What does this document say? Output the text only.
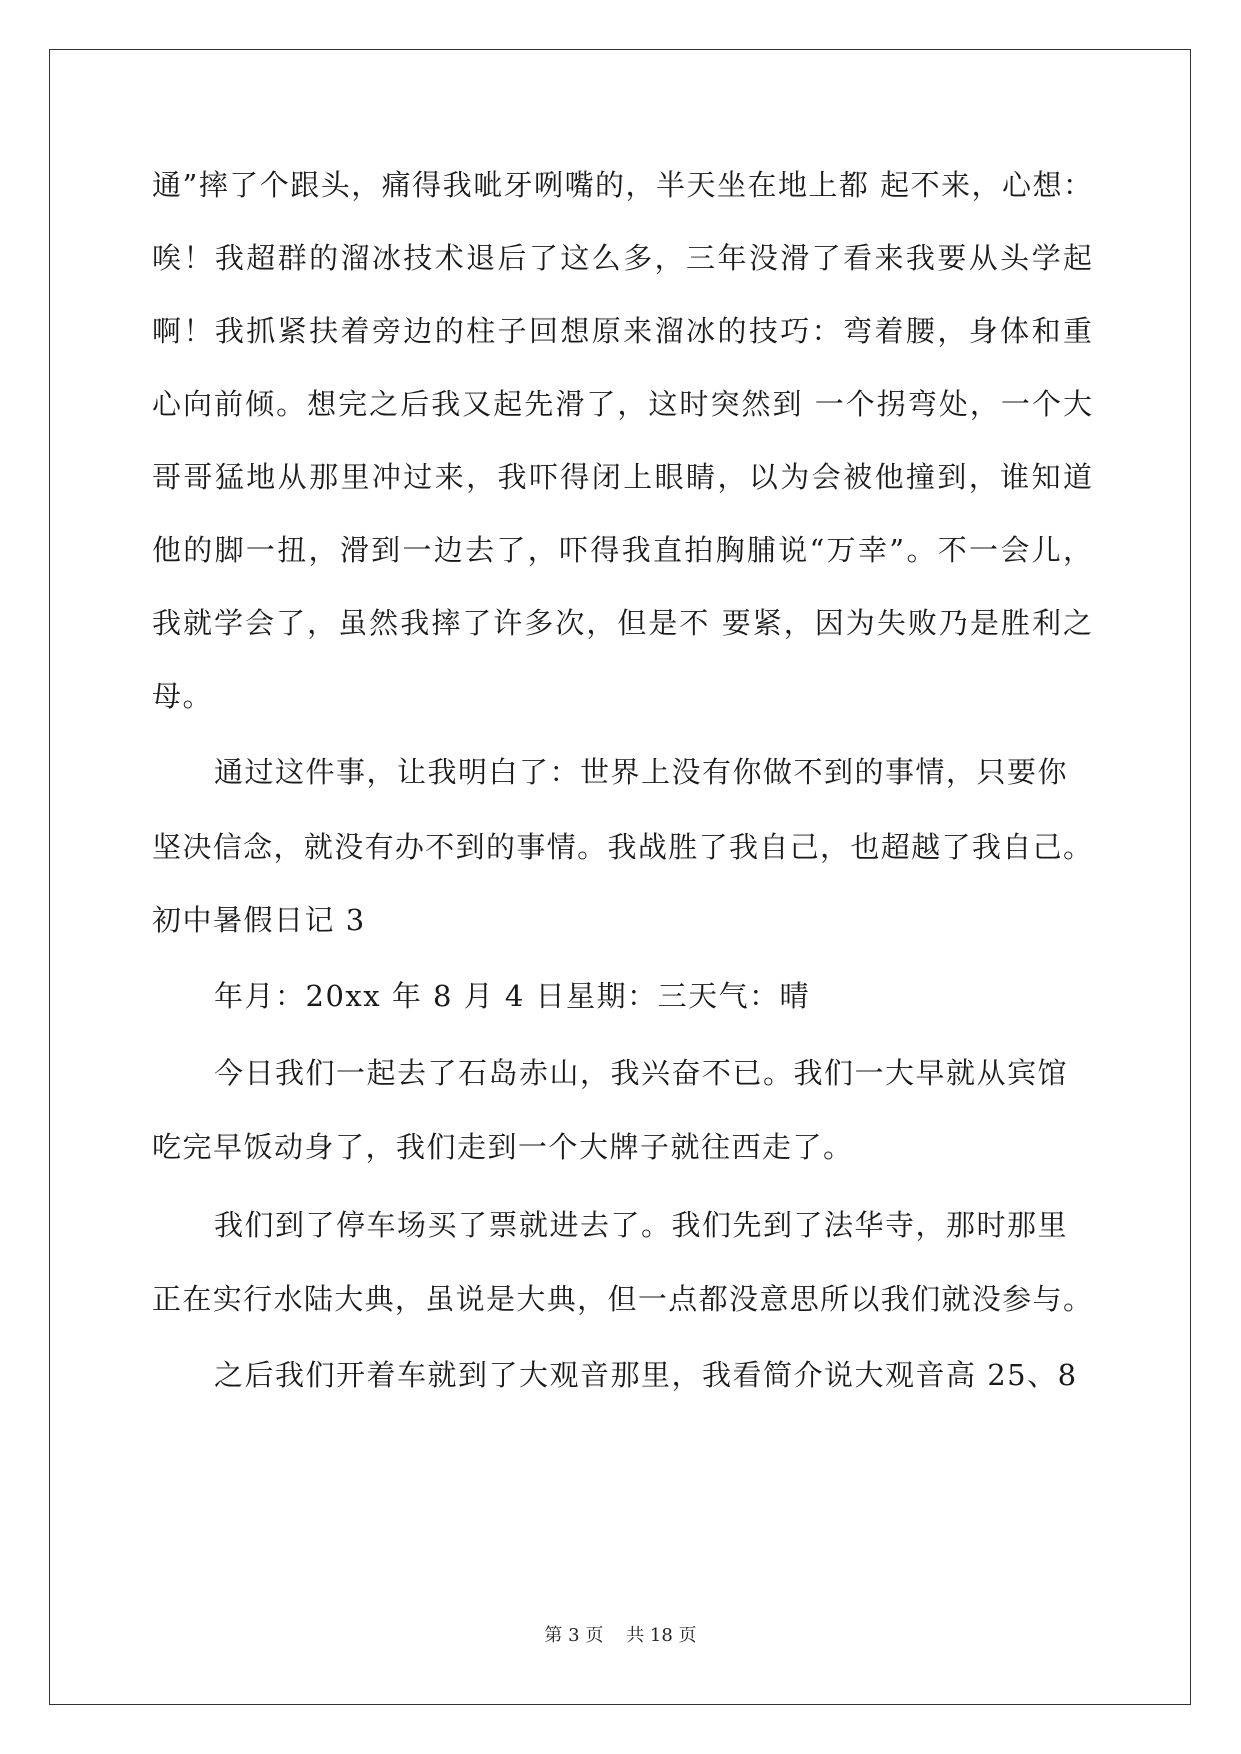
通”摔了个跟头，痛得我呲牙咧嘴的，半天坐在地上都 起不来，心想：
唉！我超群的溜冰技术退后了这么多，三年没滑了看来我要从头学起
啊！我抓紧扶着旁边的柱子回想原来溜冰的技巧：弯着腰，身体和重
心向前倾。想完之后我又起先滑了，这时突然到 一个拐弯处，一个大
哥哥猛地从那里冲过来，我吓得闭上眼睛，以为会被他撞到，谁知道
他的脚一扭，滑到一边去了，吓得我直拍胸脯说“万幸”。不一会儿，
我就学会了，虽然我摔了许多次，但是不 要紧，因为失败乃是胜利之
母。
通过这件事，让我明白了：世界上没有你做不到的事情，只要你
坚决信念，就没有办不到的事情。我战胜了我自己，也超越了我自己。
初中暑假日记 3
年月：20xx 年 8 月 4 日星期：三天气：晴
今日我们一起去了石岛赤山，我兴奋不已。我们一大早就从宾馆
吃完早饭动身了，我们走到一个大牌子就往西走了。
我们到了停车场买了票就进去了。我们先到了法华寺，那时那里
正在实行水陆大典，虽说是大典，但一点都没意思所以我们就没参与。
之后我们开着车就到了大观音那里，我看简介说大观音高 25、8
第 3 页    共 18 页
